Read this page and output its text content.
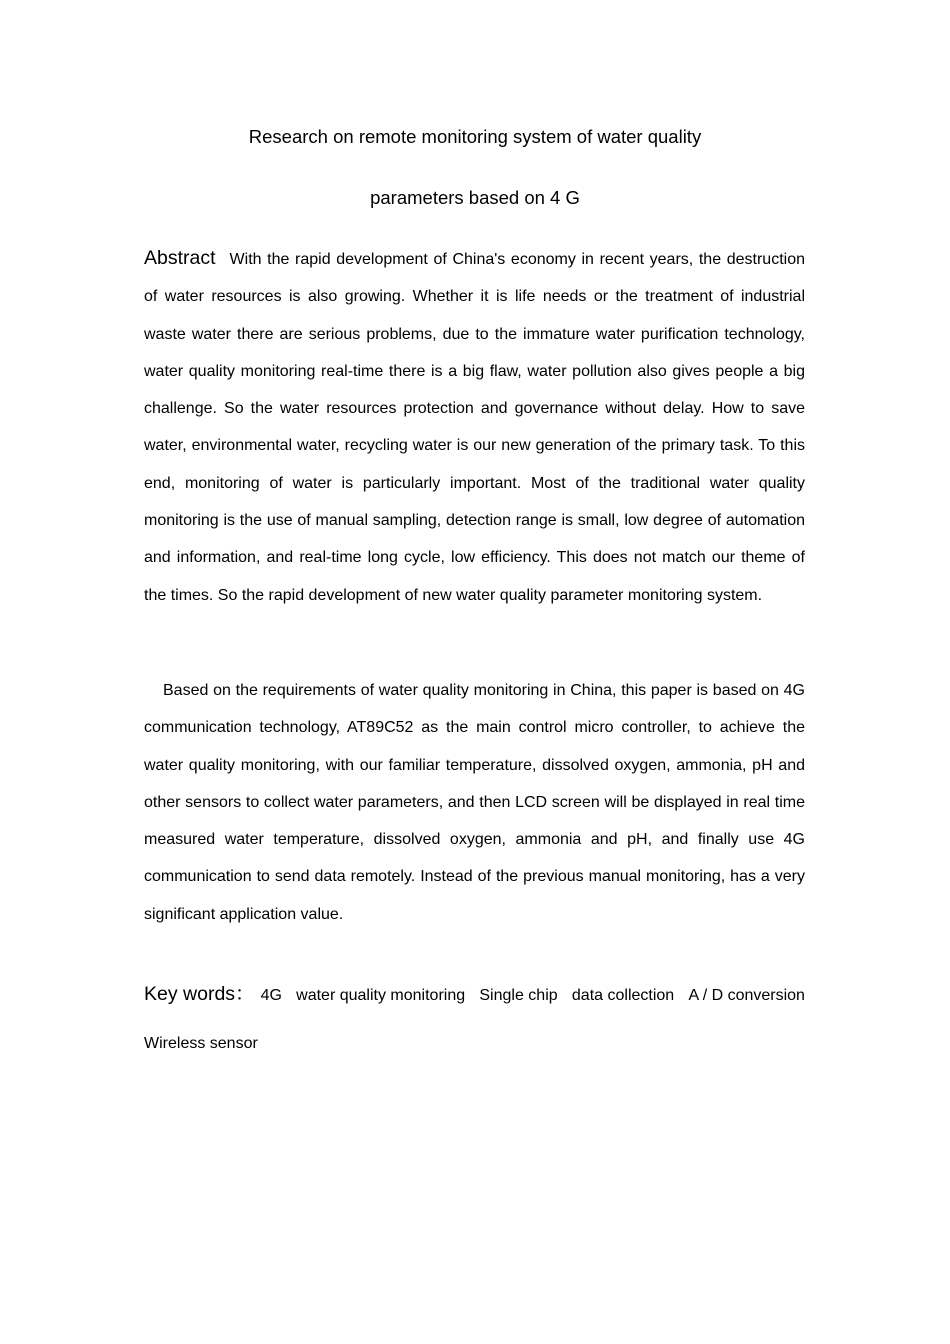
Research on remote monitoring system of water quality
parameters based on 4 G

Abstract With the rapid development of China's economy in recent years, the destruction of water resources is also growing. Whether it is life needs or the treatment of industrial waste water there are serious problems, due to the immature water purification technology, water quality monitoring real-time there is a big flaw, water pollution also gives people a big challenge. So the water resources protection and governance without delay. How to save water, environmental water, recycling water is our new generation of the primary task. To this end, monitoring of water is particularly important. Most of the traditional water quality monitoring is the use of manual sampling, detection range is small, low degree of automation and information, and real-time long cycle, low efficiency. This does not match our theme of the times. So the rapid development of new water quality parameter monitoring system.

Based on the requirements of water quality monitoring in China, this paper is based on 4G communication technology, AT89C52 as the main control micro controller, to achieve the water quality monitoring, with our familiar temperature, dissolved oxygen, ammonia, pH and other sensors to collect water parameters, and then LCD screen will be displayed in real time measured water temperature, dissolved oxygen, ammonia and pH, and finally use 4G communication to send data remotely. Instead of the previous manual monitoring, has a very significant application value.

Key words ： 4G water quality monitoring Single chip data collection A / D conversion
Wireless sensor
